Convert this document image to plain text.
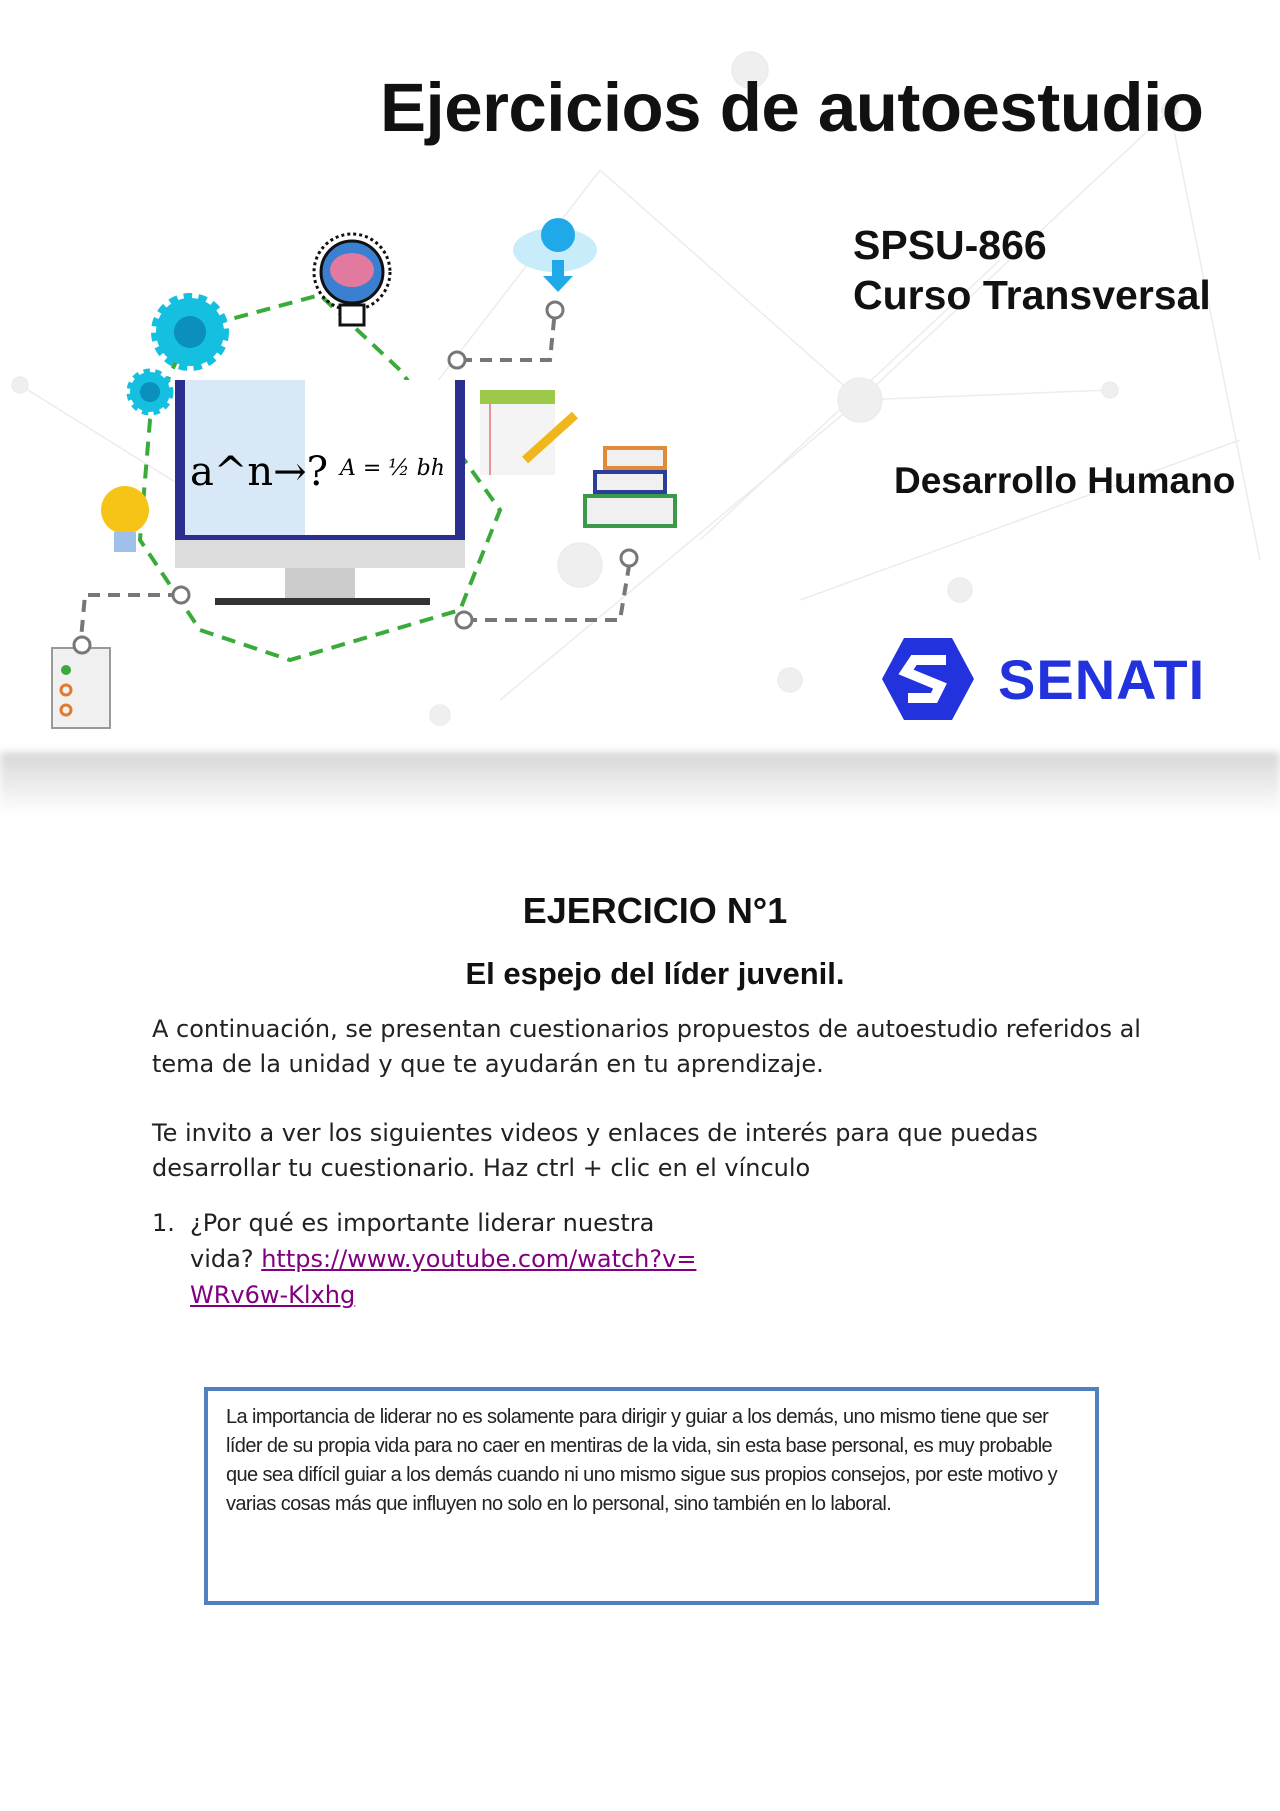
a^n→? A = ½ bh
Ejercicios de autoestudio
SPSU-866
Curso Transversal
Desarrollo Humano
SENATI
EJERCICIO N°1
El espejo del líder juvenil.
A continuación, se presentan cuestionarios propuestos de autoestudio referidos al tema de la unidad y que te ayudarán en tu aprendizaje.
Te invito a ver los siguientes videos y enlaces de interés para que puedas desarrollar tu cuestionario. Haz ctrl + clic en el vínculo
1. ¿Por qué es importante liderar nuestra vida? https://www.youtube.com/watch?v=WRv6w-Klxhg
La importancia de liderar no es solamente para dirigir y guiar a los demás, uno mismo tiene que ser líder de su propia vida para no caer en mentiras de la vida, sin esta base personal, es muy probable que sea difícil guiar a los demás cuando ni uno mismo sigue sus propios consejos, por este motivo y varias cosas más que influyen no solo en lo personal, sino también en lo laboral.
